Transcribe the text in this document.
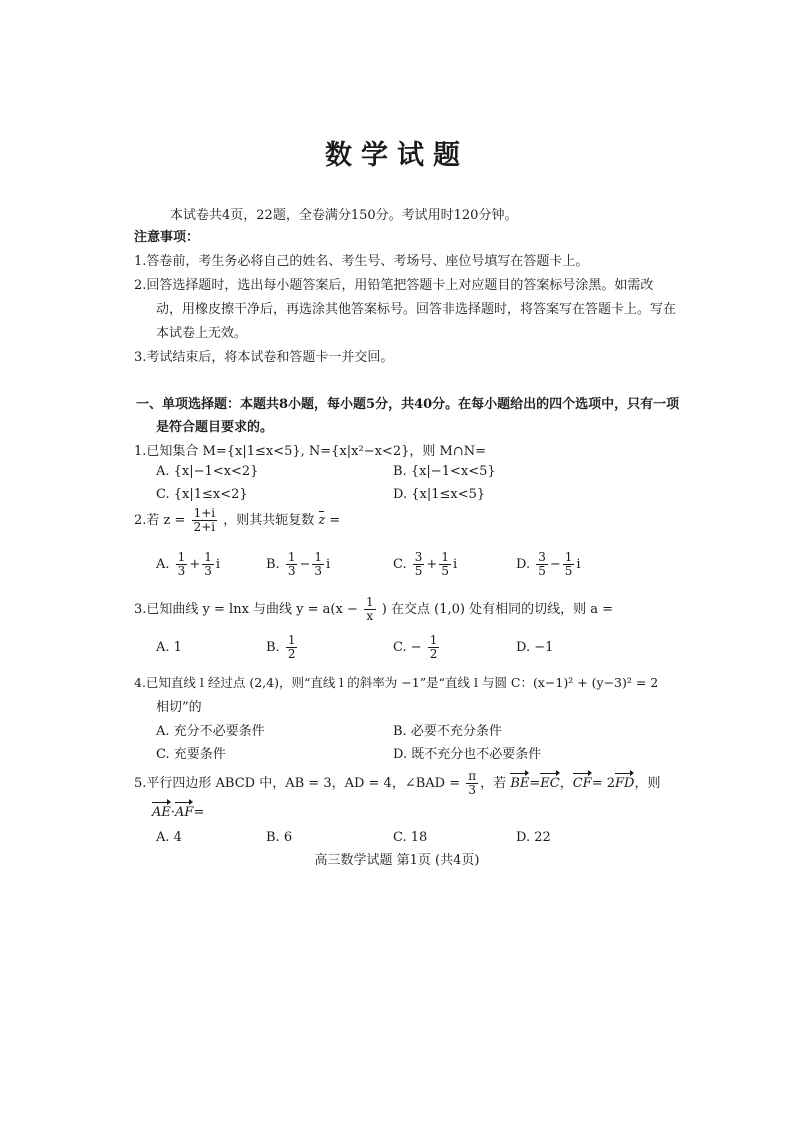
数学试题
本试卷共4页，22题，全卷满分150分。考试用时120分钟。
注意事项：
1.答卷前，考生务必将自己的姓名、考生号、考场号、座位号填写在答题卡上。
2.回答选择题时，选出每小题答案后，用铅笔把答题卡上对应题目的答案标号涂黑。如需改
动，用橡皮擦干净后，再选涂其他答案标号。回答非选择题时，将答案写在答题卡上。写在
本试卷上无效。
3.考试结束后，将本试卷和答题卡一并交回。
一、单项选择题：本题共8小题，每小题5分，共40分。在每小题给出的四个选项中，只有一项
是符合题目要求的。
1.已知集合 M={x|1≤x<5}, N={x|x²−x<2}，则 M∩N=
A. {x|−1<x<2}	B. {x|−1<x<5}
C. {x|1≤x<2}	D. {x|1≤x<5}
2.若 $z = \frac{1+i}{2+i}$ ，则其共轭复数 z =
A. $\frac{1}{3} + \frac{1}{3}$ i	B. $\frac{1}{3} - \frac{1}{3}$ i	C. $\frac{3}{5} + \frac{1}{5}$ i	D. $\frac{3}{5} - \frac{1}{5}$ i
3.已知曲线 y = lnx 与曲线 $y = a(x - \frac{1}{x}$ ) 在交点 (1,0) 处有相同的切线，则 a =
A. 1	B. $\frac{1}{2}$	C. − $\frac{1}{2}$	D. −1
4.已知直线 l 经过点 (2,4)，则“直线 l 的斜率为 −1”是“直线 l 与圆 C：(x−1)² + (y−3)² = 2
相切”的
A. 充分不必要条件	B. 必要不充分条件
C. 充要条件	D. 既不充分也不必要条件
5.平行四边形 ABCD 中，AB = 3，AD = 4，∠BAD = $\frac{\pi}{3}$ ，若 BE=EC，CF= 2FD，则
AE·AF=
A. 4	B. 6	C. 18	D. 22
高三数学试题 第1页 (共4页)
